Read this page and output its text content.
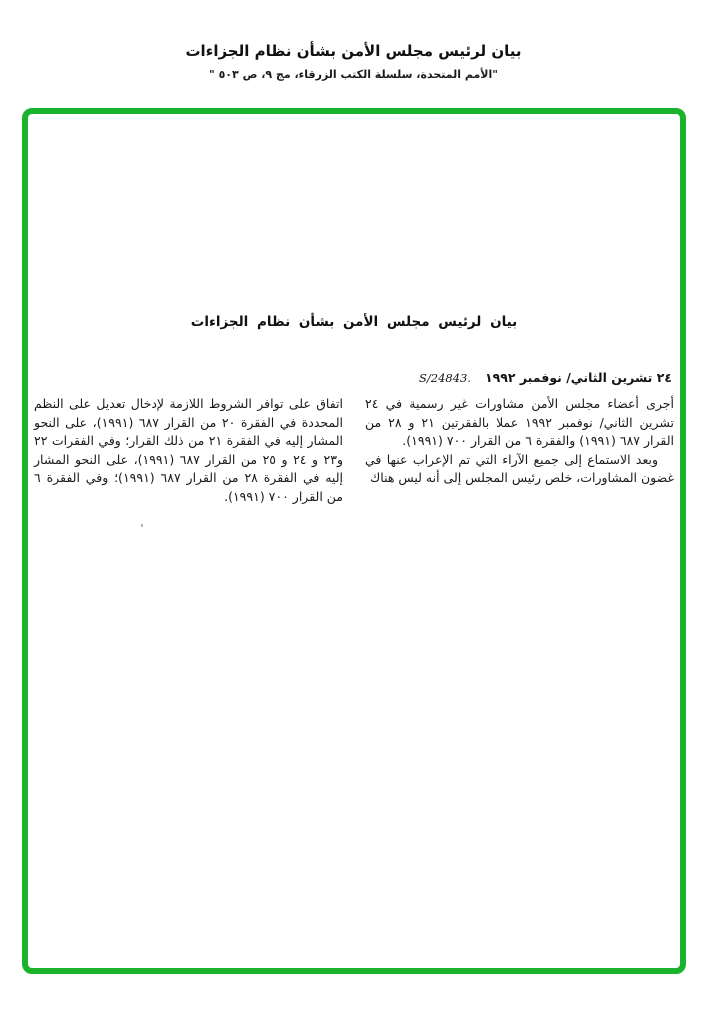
بيان لرئيس مجلس الأمن بشأن نظام الجزاءات
"الأمم المتحدة، سلسلة الكتب الزرقاء، مج ٩، ص ٥٠٣ "
بيان لرئيس مجلس الأمن بشأن نظام الجزاءات
٢٤ تشرين الثاني/ نوفمبر ١٩٩٢ S/24843.

أجرى أعضاء مجلس الأمن مشاورات غير رسمية في ٢٤ تشرين الثاني/ نوفمبر ١٩٩٢ عملا بالفقرتين ٢١ و ٢٨ من القرار ٦٨٧ (١٩٩١) والفقرة ٦ من القرار ٧٠٠ (١٩٩١).

وبعد الاستماع إلى جميع الآراء التي تم الإعراب عنها في غضون المشاورات، خلص رئيس المجلس إلى أنه ليس هناك

اتفاق على توافر الشروط اللازمة لإدخال تعديل على النظم المحددة في الفقرة ٢٠ من القرار ٦٨٧ (١٩٩١)، على النحو المشار إليه في الفقرة ٢١ من ذلك القرار؛ وفي الفقرات ٢٢ و٢٣ و ٢٤ و ٢٥ من القرار ٦٨٧ (١٩٩١)، على النحو المشار إليه في الفقرة ٢٨ من القرار ٦٨٧ (١٩٩١)؛ وفي الفقرة ٦ من القرار ٧٠٠ (١٩٩١).
